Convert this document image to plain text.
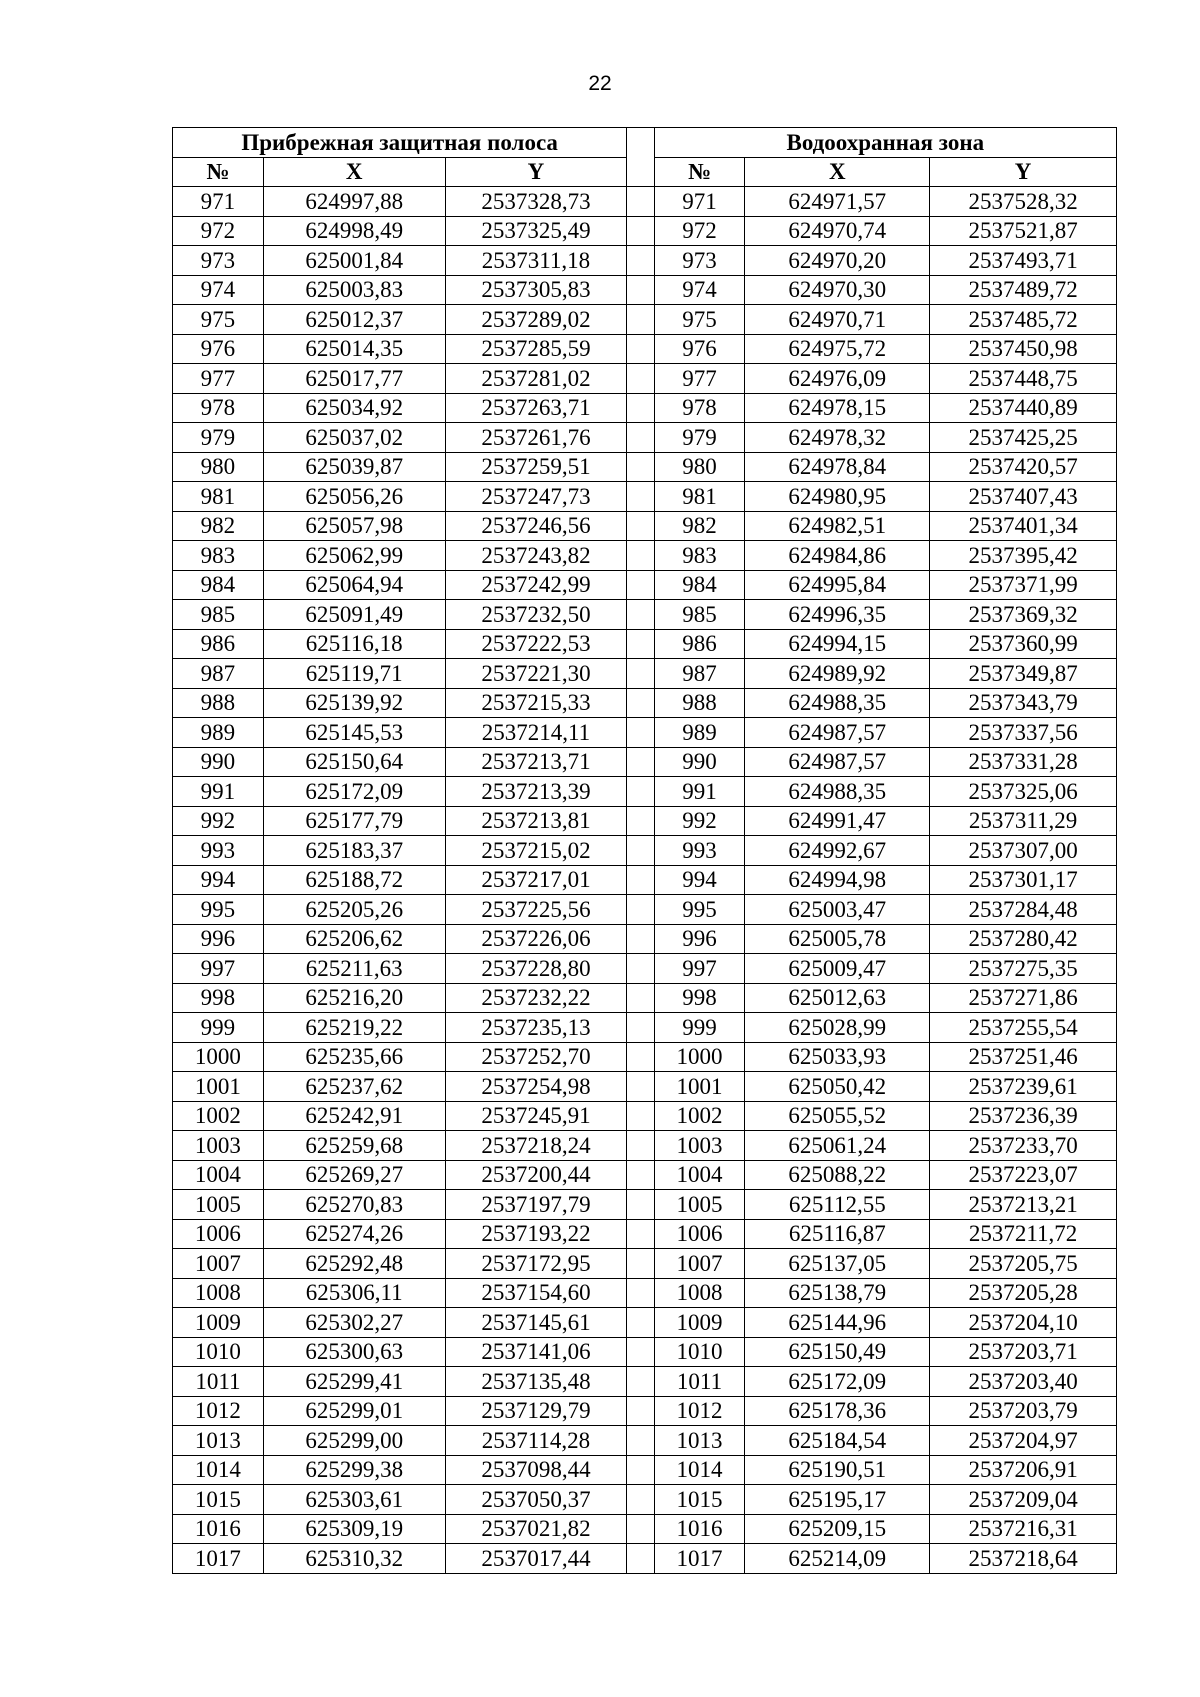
22
Прибрежная защитная полоса				Водоохранная зона		
№	X	Y		№	X	Y
971	624997,88	2537328,73		971	624971,57	2537528,32
972	624998,49	2537325,49		972	624970,74	2537521,87
973	625001,84	2537311,18		973	624970,20	2537493,71
974	625003,83	2537305,83		974	624970,30	2537489,72
975	625012,37	2537289,02		975	624970,71	2537485,72
976	625014,35	2537285,59		976	624975,72	2537450,98
977	625017,77	2537281,02		977	624976,09	2537448,75
978	625034,92	2537263,71		978	624978,15	2537440,89
979	625037,02	2537261,76		979	624978,32	2537425,25
980	625039,87	2537259,51		980	624978,84	2537420,57
981	625056,26	2537247,73		981	624980,95	2537407,43
982	625057,98	2537246,56		982	624982,51	2537401,34
983	625062,99	2537243,82		983	624984,86	2537395,42
984	625064,94	2537242,99		984	624995,84	2537371,99
985	625091,49	2537232,50		985	624996,35	2537369,32
986	625116,18	2537222,53		986	624994,15	2537360,99
987	625119,71	2537221,30		987	624989,92	2537349,87
988	625139,92	2537215,33		988	624988,35	2537343,79
989	625145,53	2537214,11		989	624987,57	2537337,56
990	625150,64	2537213,71		990	624987,57	2537331,28
991	625172,09	2537213,39		991	624988,35	2537325,06
992	625177,79	2537213,81		992	624991,47	2537311,29
993	625183,37	2537215,02		993	624992,67	2537307,00
994	625188,72	2537217,01		994	624994,98	2537301,17
995	625205,26	2537225,56		995	625003,47	2537284,48
996	625206,62	2537226,06		996	625005,78	2537280,42
997	625211,63	2537228,80		997	625009,47	2537275,35
998	625216,20	2537232,22		998	625012,63	2537271,86
999	625219,22	2537235,13		999	625028,99	2537255,54
1000	625235,66	2537252,70		1000	625033,93	2537251,46
1001	625237,62	2537254,98		1001	625050,42	2537239,61
1002	625242,91	2537245,91		1002	625055,52	2537236,39
1003	625259,68	2537218,24		1003	625061,24	2537233,70
1004	625269,27	2537200,44		1004	625088,22	2537223,07
1005	625270,83	2537197,79		1005	625112,55	2537213,21
1006	625274,26	2537193,22		1006	625116,87	2537211,72
1007	625292,48	2537172,95		1007	625137,05	2537205,75
1008	625306,11	2537154,60		1008	625138,79	2537205,28
1009	625302,27	2537145,61		1009	625144,96	2537204,10
1010	625300,63	2537141,06		1010	625150,49	2537203,71
1011	625299,41	2537135,48		1011	625172,09	2537203,40
1012	625299,01	2537129,79		1012	625178,36	2537203,79
1013	625299,00	2537114,28		1013	625184,54	2537204,97
1014	625299,38	2537098,44		1014	625190,51	2537206,91
1015	625303,61	2537050,37		1015	625195,17	2537209,04
1016	625309,19	2537021,82		1016	625209,15	2537216,31
1017	625310,32	2537017,44		1017	625214,09	2537218,64
